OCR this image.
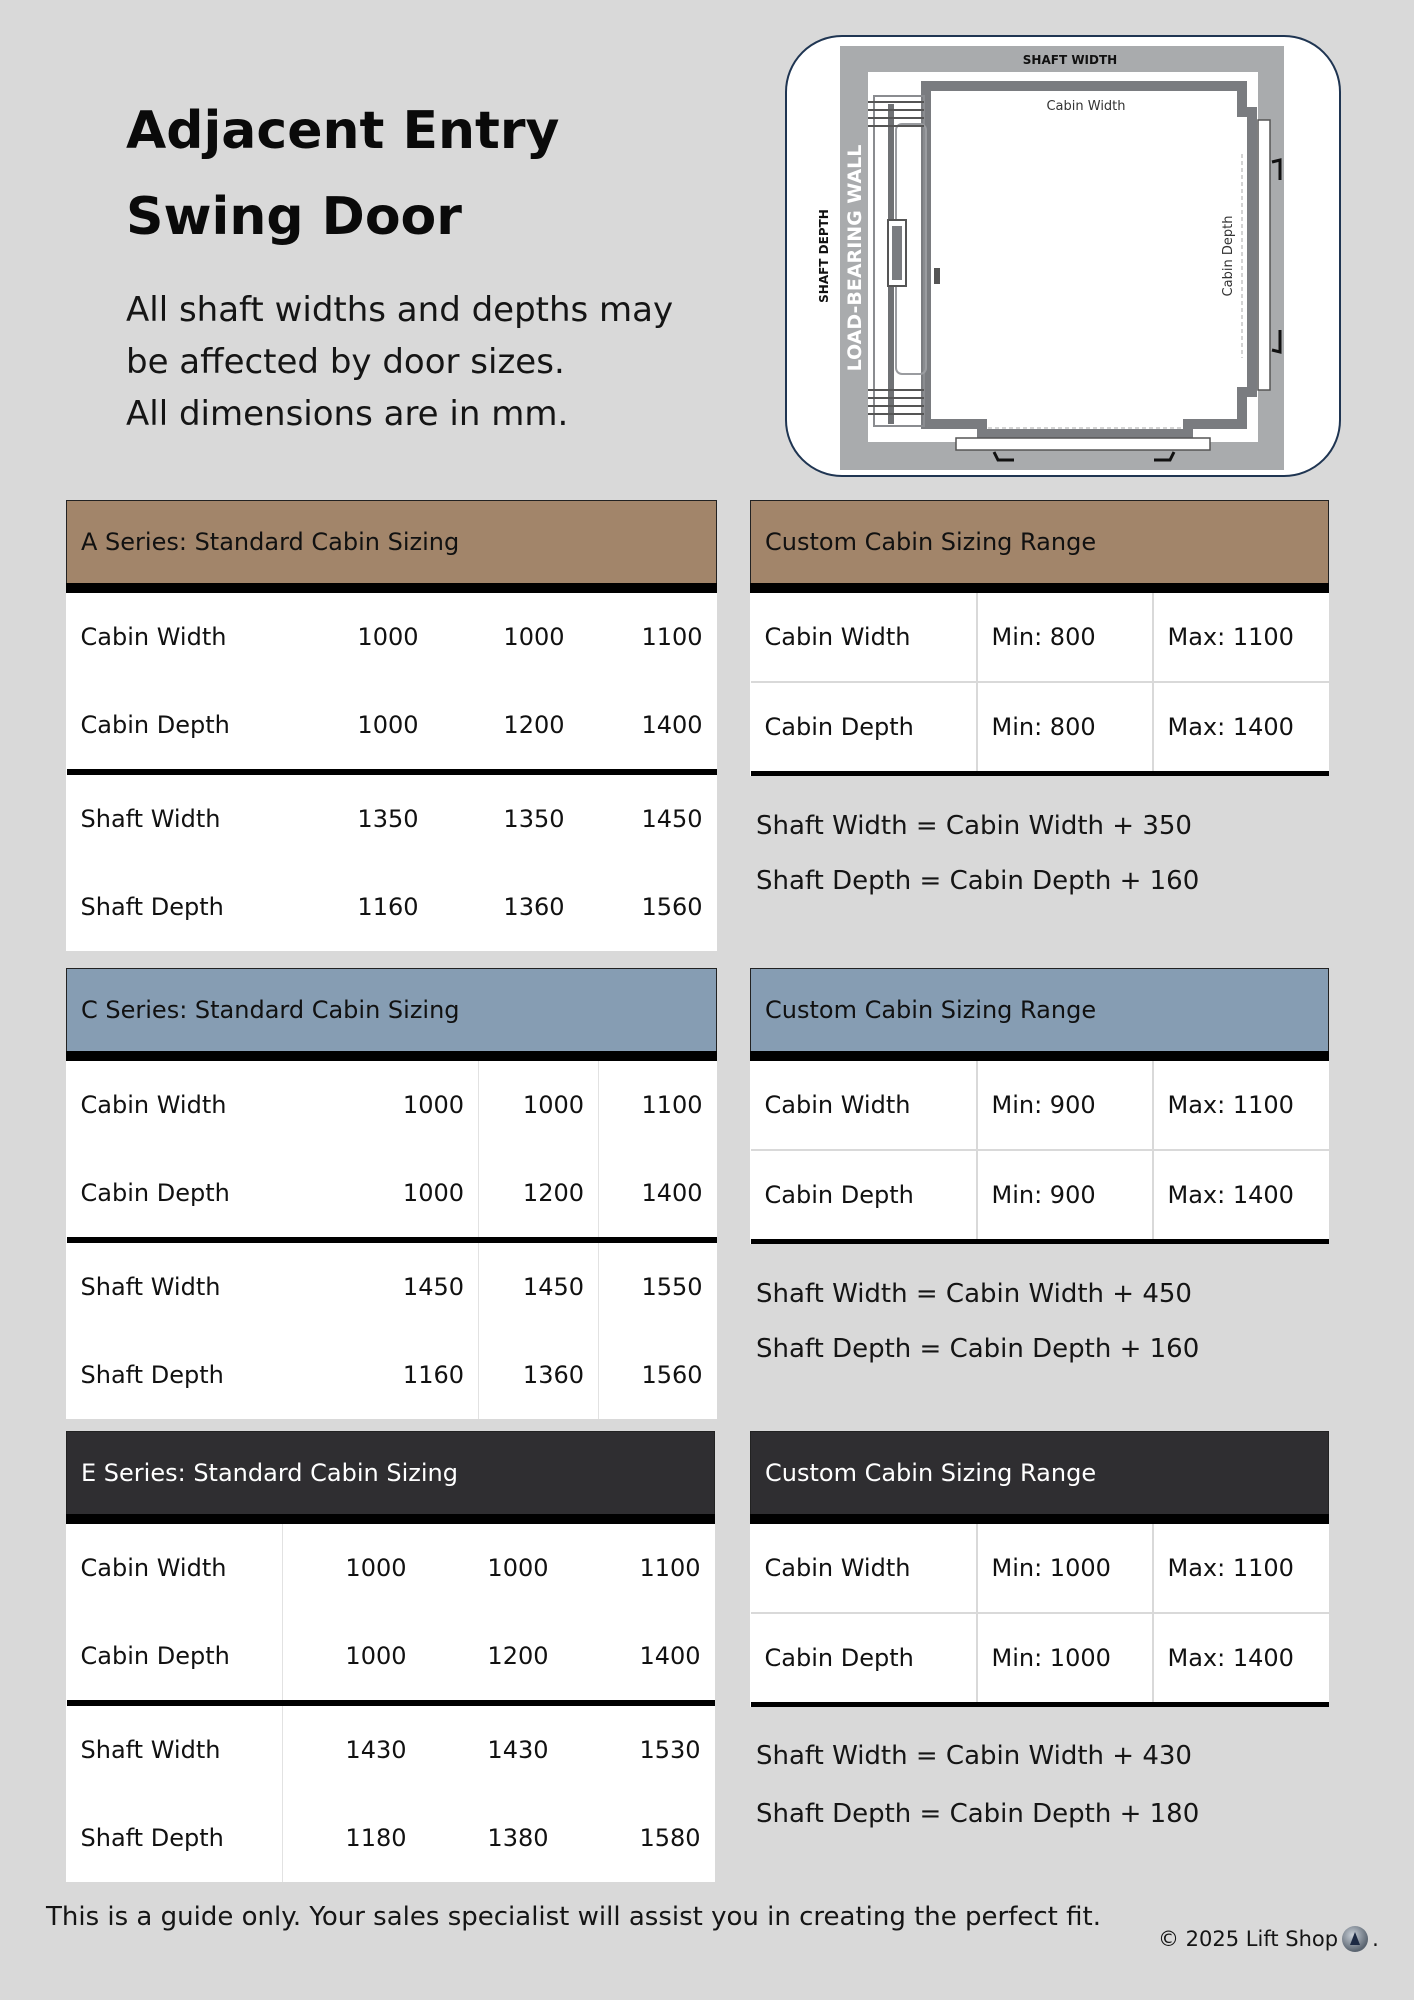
Adjacent Entry
Swing Door
All shaft widths and depths may
be affected by door sizes.
All dimensions are in mm.
SHAFT WIDTH
Cabin Width
SHAFT DEPTH LOAD-BEARING WALL	Cabin Depth
A Series: Standard Cabin Sizing			
Cabin Width	1000	1000	1100
Cabin Depth	1000	1200	1400
Shaft Width	1350	1350	1450
Shaft Depth	1160	1360	1560
Custom Cabin Sizing Range		
Cabin Width	Min: 800	Max: 1100
Cabin Depth	Min: 800	Max: 1400

Shaft Width = Cabin Width + 350

Shaft Depth = Cabin Depth + 160

C Series: Standard Cabin Sizing			
Cabin Width	1000	1000	1100
Cabin Depth	1000	1200	1400
Shaft Width	1450	1450	1550
Shaft Depth	1160	1360	1560
Custom Cabin Sizing Range		
Cabin Width	Min: 900	Max: 1100
Cabin Depth	Min: 900	Max: 1400

Shaft Width = Cabin Width + 450

Shaft Depth = Cabin Depth + 160

E Series: Standard Cabin Sizing			
Cabin Width	1000	1000	1100
Cabin Depth	1000	1200	1400
Shaft Width	1430	1430	1530
Shaft Depth	1180	1380	1580
Custom Cabin Sizing Range		
Cabin Width	Min: 1000	Max: 1100
Cabin Depth	Min: 1000	Max: 1400

Shaft Width = Cabin Width + 430

Shaft Depth = Cabin Depth + 180

This is a guide only. Your sales specialist will assist you in creating the perfect fit.
© 2025 Lift Shop .
